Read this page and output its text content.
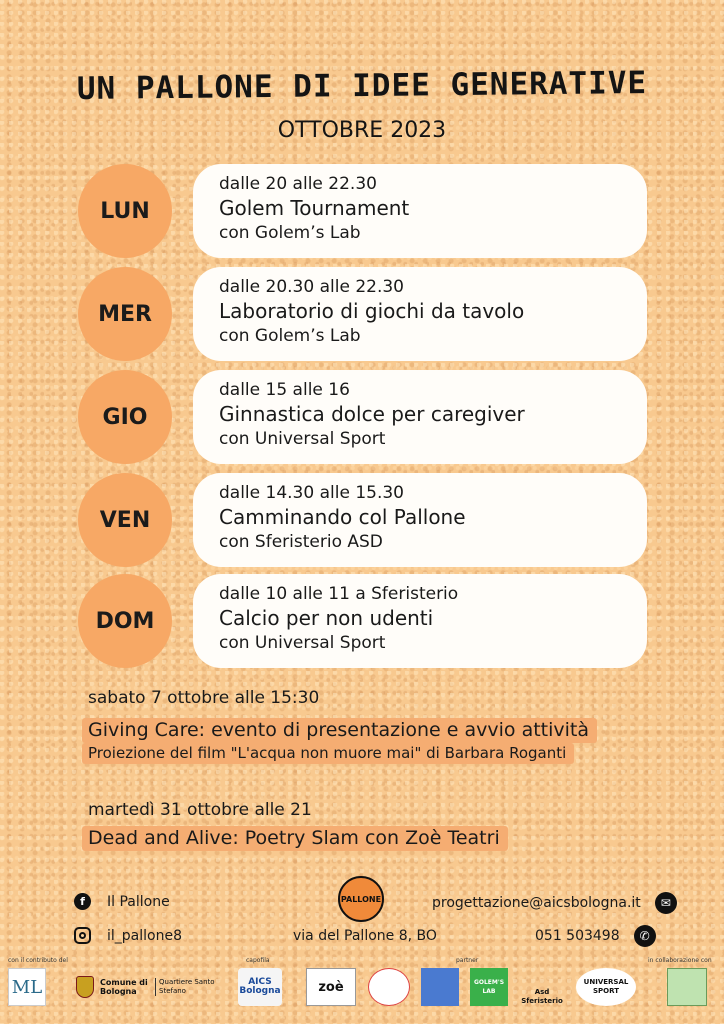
UN PALLONE DI IDEE GENERATIVE
OTTOBRE 2023
LUN
dalle 20 alle 22.30
Golem Tournament
con Golem’s Lab
MER
dalle 20.30 alle 22.30
Laboratorio di giochi da tavolo
con Golem’s Lab
GIO
dalle 15 alle 16
Ginnastica dolce per caregiver
con Universal Sport
VEN
dalle 14.30 alle 15.30
Camminando col Pallone
con Sferisterio ASD
DOM
dalle 10 alle 11 a Sferisterio
Calcio per non udenti
con Universal Sport
sabato 7 ottobre alle 15:30
Giving Care: evento di presentazione e avvio attività
Proiezione del film "L'acqua non muore mai" di Barbara Roganti
martedì 31 ottobre alle 21
Dead and Alive: Poetry Slam con Zoè Teatri
f	Il Pallone
il_pallone8
PALLONE
via del Pallone 8, BO
progettazione@aicsbologna.it	✉
051 503498	✆
con il contributo del	capofila	partner	in collaborazione con
ML	Comune di Bologna
Quartiere Santo Stefano
AICS Bologna	zoè	GOLEM'S LAB	Asd Sferisterio
UNIVERSAL SPORT
